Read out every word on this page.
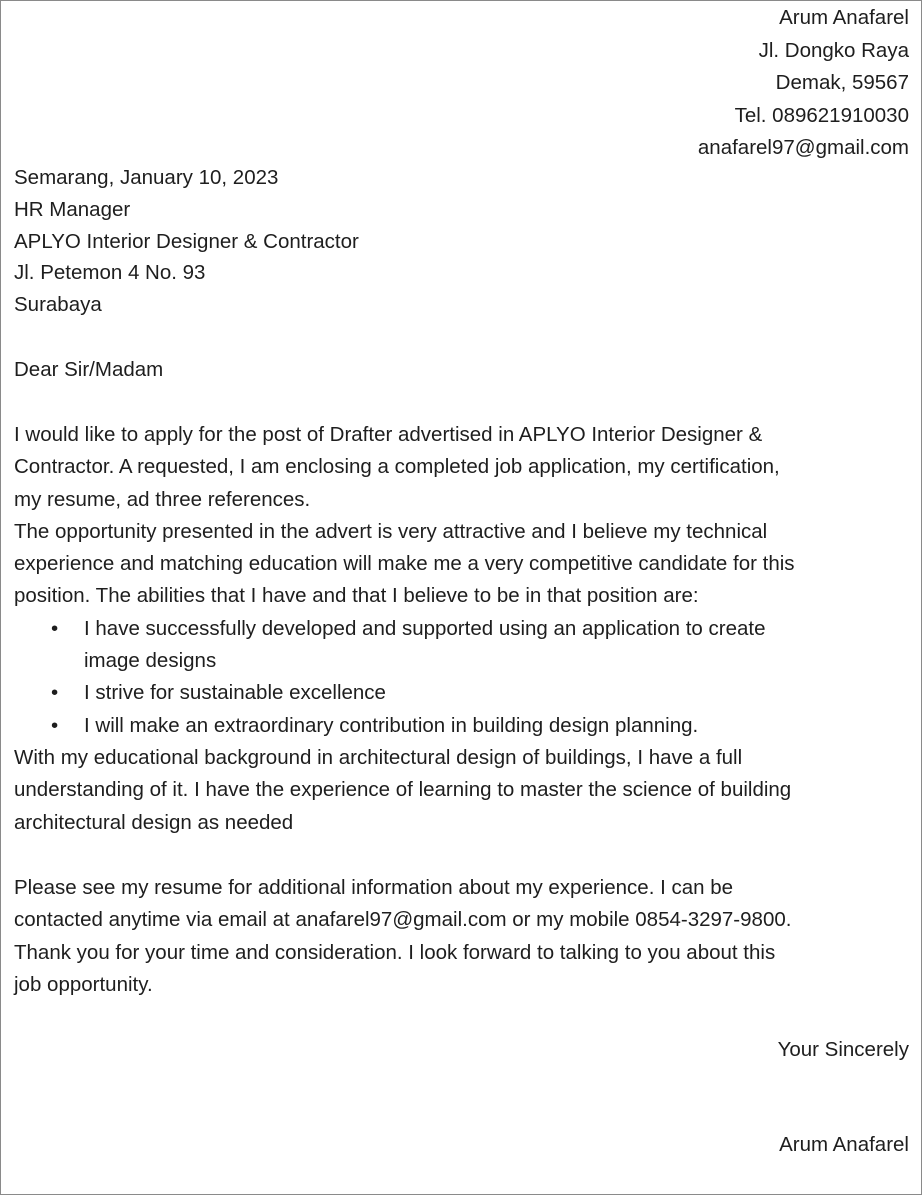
Arum Anafarel
Jl. Dongko Raya
Demak, 59567
Tel. 089621910030
anafarel97@gmail.com
Semarang, January 10, 2023
HR Manager
APLYO Interior Designer & Contractor
Jl. Petemon 4 No. 93
Surabaya
Dear Sir/Madam
I would like to apply for the post of Drafter advertised in APLYO Interior Designer &
Contractor. A requested, I am enclosing a completed job application, my certification,
my resume, ad three references.
The opportunity presented in the advert is very attractive and I believe my technical
experience and matching education will make me a very competitive candidate for this
position. The abilities that I have and that I believe to be in that position are:
• I have successfully developed and supported using an application to create
image designs
• I strive for sustainable excellence
• I will make an extraordinary contribution in building design planning.
With my educational background in architectural design of buildings, I have a full
understanding of it. I have the experience of learning to master the science of building
architectural design as needed
Please see my resume for additional information about my experience. I can be
contacted anytime via email at anafarel97@gmail.com or my mobile 0854-3297-9800.
Thank you for your time and consideration. I look forward to talking to you about this
job opportunity.
Your Sincerely
Arum Anafarel
